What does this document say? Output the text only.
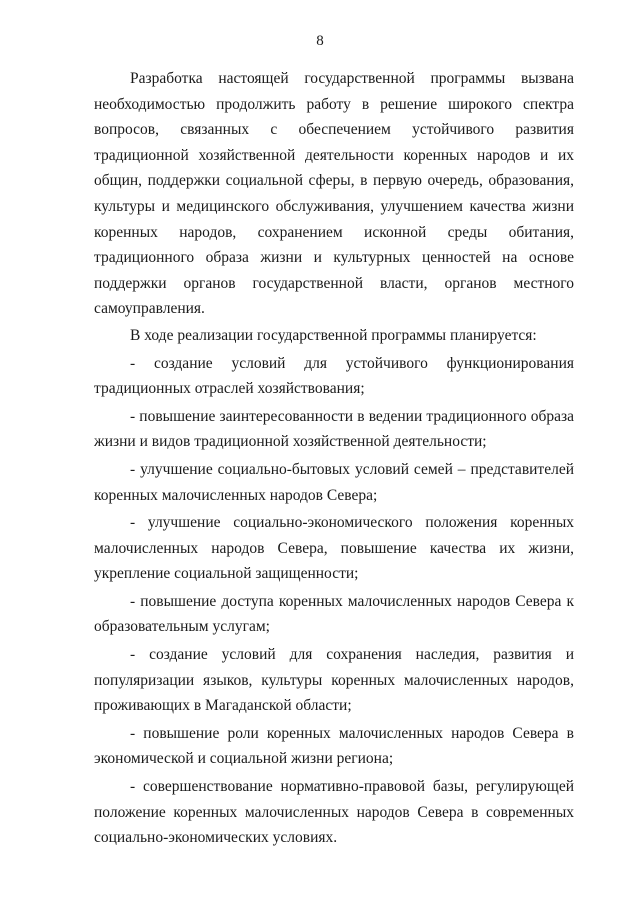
8

Разработка настоящей государственной программы вызвана необходимостью продолжить работу в решение широкого спектра вопросов, связанных с обеспечением устойчивого развития традиционной хозяйственной деятельности коренных народов и их общин, поддержки социальной сферы, в первую очередь, образования, культуры и медицинского обслуживания, улучшением качества жизни коренных народов, сохранением исконной среды обитания, традиционного образа жизни и культурных ценностей на основе поддержки органов государственной власти, органов местного самоуправления.

В ходе реализации государственной программы планируется:

- создание условий для устойчивого функционирования традиционных отраслей хозяйствования;

- повышение заинтересованности в ведении традиционного образа жизни и видов традиционной хозяйственной деятельности;

- улучшение социально-бытовых условий семей – представителей коренных малочисленных народов Севера;

- улучшение социально-экономического положения коренных малочисленных народов Севера, повышение качества их жизни, укрепление социальной защищенности;

- повышение доступа коренных малочисленных народов Севера к образовательным услугам;

- создание условий для сохранения наследия, развития и популяризации языков, культуры коренных малочисленных народов, проживающих в Магаданской области;

- повышение роли коренных малочисленных народов Севера в экономической и социальной жизни региона;

- совершенствование нормативно-правовой базы, регулирующей положение коренных малочисленных народов Севера в современных социально-экономических условиях.
